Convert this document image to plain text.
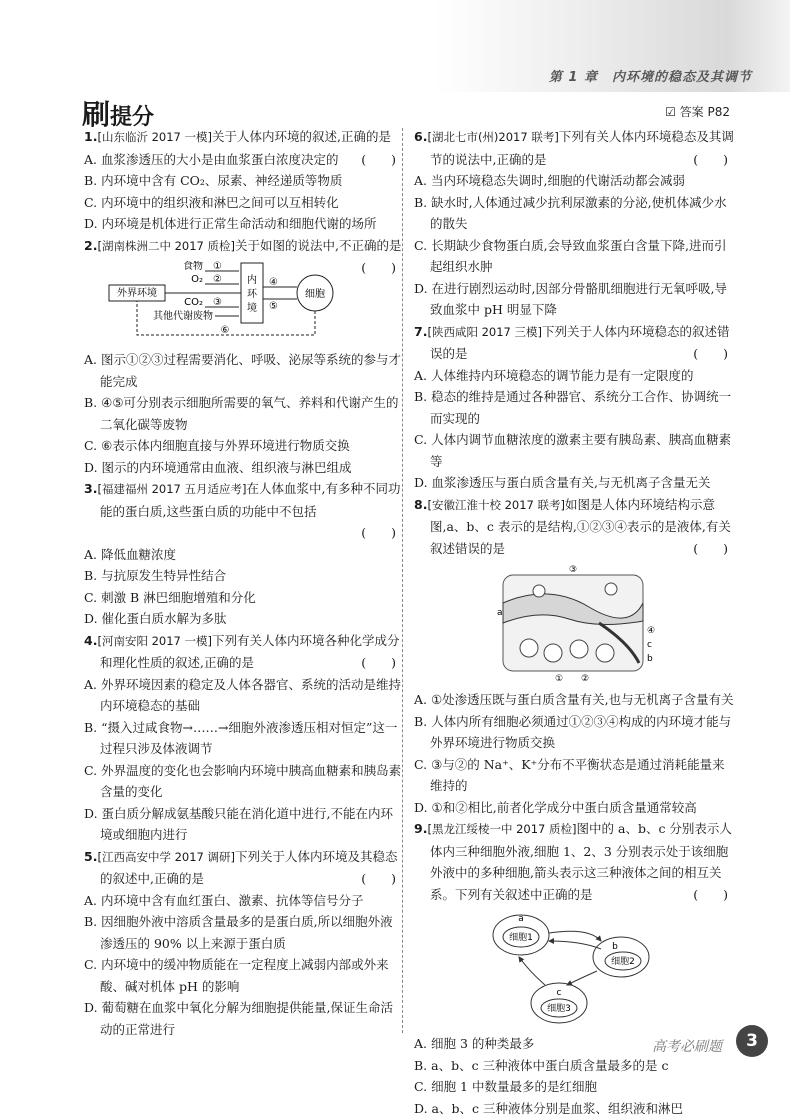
第 1 章　内环境的稳态及其调节
刷提分	☑ 答案 P82
1.[山东临沂 2017 一模]关于人体内环境的叙述,正确的是
(　　)
A. 血浆渗透压的大小是由血浆蛋白浓度决定的
B. 内环境中含有 CO₂、尿素、神经递质等物质
C. 内环境中的组织液和淋巴之间可以互相转化
D. 内环境是机体进行正常生命活动和细胞代谢的场所
2.[湖南株洲二中 2017 质检]关于如图的说法中,不正确的是
(　　)
外界环境
食物 ①
O₂ ②
CO₂ ③
其他代谢废物
内
环
境
④
⑤
细胞
⑥
A. 图示①②③过程需要消化、呼吸、泌尿等系统的参与才能完成
B. ④⑤可分别表示细胞所需要的氧气、养料和代谢产生的二氧化碳等废物
C. ⑥表示体内细胞直接与外界环境进行物质交换
D. 图示的内环境通常由血液、组织液与淋巴组成
3.[福建福州 2017 五月适应考]在人体血浆中,有多种不同功能的蛋白质,这些蛋白质的功能中不包括
(　　)
A. 降低血糖浓度
B. 与抗原发生特异性结合
C. 刺激 B 淋巴细胞增殖和分化
D. 催化蛋白质水解为多肽
4.[河南安阳 2017 一模]下列有关人体内环境各种化学成分和理化性质的叙述,正确的是	(　　)
A. 外界环境因素的稳定及人体各器官、系统的活动是维持内环境稳态的基础
B. “摄入过咸食物→……→细胞外液渗透压相对恒定”这一过程只涉及体液调节
C. 外界温度的变化也会影响内环境中胰高血糖素和胰岛素含量的变化
D. 蛋白质分解成氨基酸只能在消化道中进行,不能在内环境或细胞内进行
5.[江西高安中学 2017 调研]下列关于人体内环境及其稳态的叙述中,正确的是	(　　)
A. 内环境中含有血红蛋白、激素、抗体等信号分子
B. 因细胞外液中溶质含量最多的是蛋白质,所以细胞外液渗透压的 90% 以上来源于蛋白质
C. 内环境中的缓冲物质能在一定程度上减弱内部或外来酸、碱对机体 pH 的影响
D. 葡萄糖在血浆中氧化分解为细胞提供能量,保证生命活动的正常进行
6.[湖北七市(州)2017 联考]下列有关人体内环境稳态及其调节的说法中,正确的是	(　　)
A. 当内环境稳态失调时,细胞的代谢活动都会减弱
B. 缺水时,人体通过减少抗利尿激素的分泌,使机体减少水的散失
C. 长期缺少食物蛋白质,会导致血浆蛋白含量下降,进而引起组织水肿
D. 在进行剧烈运动时,因部分骨骼肌细胞进行无氧呼吸,导致血浆中 pH 明显下降
7.[陕西咸阳 2017 三模]下列关于人体内环境稳态的叙述错误的是	(　　)
A. 人体维持内环境稳态的调节能力是有一定限度的
B. 稳态的维持是通过各种器官、系统分工合作、协调统一而实现的
C. 人体内调节血糖浓度的激素主要有胰岛素、胰高血糖素等
D. 血浆渗透压与蛋白质含量有关,与无机离子含量无关
8.[安徽江淮十校 2017 联考]如图是人体内环境结构示意图,a、b、c 表示的是结构,①②③④表示的是液体,有关叙述错误的是	(　　)
③
a
④
c
b
① ②
A. ①处渗透压既与蛋白质含量有关,也与无机离子含量有关
B. 人体内所有细胞必须通过①②③④构成的内环境才能与外界环境进行物质交换
C. ③与②的 Na⁺、K⁺分布不平衡状态是通过消耗能量来维持的
D. ①和②相比,前者化学成分中蛋白质含量通常较高
9.[黑龙江绥棱一中 2017 质检]图中的 a、b、c 分别表示人体内三种细胞外液,细胞 1、2、3 分别表示处于该细胞外液中的多种细胞,箭头表示这三种液体之间的相互关系。下列有关叙述中正确的是	(　　)
细胞1
a
细胞2
b
细胞3
c
A. 细胞 3 的种类最多
B. a、b、c 三种液体中蛋白质含量最多的是 c
C. 细胞 1 中数量最多的是红细胞
D. a、b、c 三种液体分别是血浆、组织液和淋巴
高考必刷题	3
